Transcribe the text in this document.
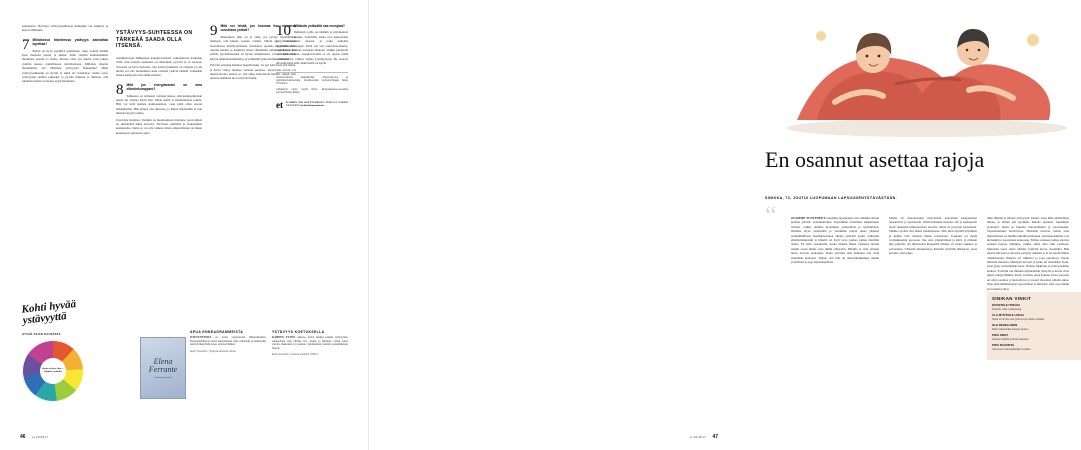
suuntaansa. Hyvässä ystävyyssuhteessa kumpikin voi kehittyä ja kasvaa ihmisenä.
7 Millaisessa tilanteessa ystävyys kannattaa lopettaa?
Ennen on hyvä pysähtyä pohtimaan, onko todella mitään kyse huonosti puolet ja meinä, minä valitsin katkaiseminen merkitsisi toiselle ja itselle. Parasta olisi, jos asioita voisi puhua ystävän kanssa rauhallisessa ristiriitalaassa. Millaisia tarpeita molemmilla on? Millaisia ystävyystä haluamme? Mikä ystävyyssuhteelle on hyvää ja mikä ei? Kannattaa toimia ostaa ystävyyden pulmat puheeksi ja pyytää mukaan ja muistaa, että jokainen meistä on etenee syytä kuunnella.
YSTÄVYYS-SUHTEESSA ON TÄRKEÄÄ SAADA OLLA ITSENSÄ.
Asuinkiveyssä lähikaupan kauppisvyöstetä, selkalapiesta kaskaista väitti, niin teriseria kaskaista on muistakin, pyyvän ja on seistola, Toisaalta on hyvä tiedostaa, että ystävyyssuhteita on erilaisia ja että niiden voi olla luonnollista kuin erilaisia ystäviä elämää. Joidenkin kanssa kuljetaan vain vähän matkaa.
8 Mitä jos energiavarani on oma elämänkumppani?
Suhteessa on tarmaasti voidaan jakaaa, siitä kumppanintaan tuntea mi aloittaa hyviä mia. Ilman meitä ja laiminintaisia toimia. Hän voi mitä kuntele kumppanitaan, vaan pitää omia asioita tärkeämpänä. Hän haluaa olla oikeassa, ja hänen mielessään ei tule mieleen kysyä toiselta.
Uuvuttaja harahtaa. Varsinki toi huomaamaan tilanteita, joten nimen on mistäntäsä hänet kerrottu. Tarvitaan rehellistä ja totuudellista keskustelua, mutta se voi olla vaikeaa ilman ammattilaisen tai muun keskeiseen osapuolen apua.
9 Mitä voi tehdä, jos huomaa itse olevansa uuvuttava ystävä?
Muutoksen alku on jo siinä, jos pystyy myöntämään itselleen, että kaikua tosiaan voimia. Silloin pystyy varmaan suoruutavaa käyttäytymiseen. Kannattaa opetella kysymään, mitä toiselle kuuluu ja keskittyä sitten vähemmän omiin asioihinsa. Jos esittää, hyväntuntoinen on hyvän asiaalikautta, voi olla paikallaan käytyä ammattiasiantuntija on ystäänillä työkortteinen ystävässä.
Palvelet energiaa kuluttaa negatiivisuus. Se syö sekä itseä että muita, ja harva vilttyy ihaitsee valtiaan seurassa. Vastaavilla tavoin voi mustavoitonta asettaa se, että alkaa liestoleestä mietitit, mitkä asiat omassa elämässä tuovat hyvää mieltä.
10 Millaista ystävältä saa energiaa?
Ihmisistä, joilla on lämmin ja myönteinen asenne. Sellaisilta, kiska ovat empaattisia ja kiinnostuneita toisesta, ja jotka selkeästi myötäelämisen kykyä. Pitää ona van vastavuoroisuutta, nauraa ja houkutella toiseksin mukaan. Vaikka jokaisella on välillä vaikeaa, energiavarställa ei ole tapana jäädä vellomaan tai valittaa vaipua syyttäjyyteen. He osaavat olla kiitollisia siitä, mikä heillä on hyvin.
Asiantuntijoina kyläsitäntijä, ihastuntemus ja työyhteisövalmentaja, kirjallisuuden puheenohjaaja Sepa Torvainen.
Lähdeenä myös Ingolf Ross: Energiavaras-uuvuttaa (Annuk/nheid, Edita)
et KAHDEN ERI KULTTUURISTA TULEVAA NAISEN YSTÄVYYS etlehti.fi/ihmissuhteita
Kohti hyvää ystävyyttä
HYVÄN ASIAN KAUPASSA
Hyvän mielen kirja — lahjaksi ystävälle
APUA ENNEAGRAMMEISTA

ITSETUNTEMUS on avain taaspanvoiin ihmissuhteisiin. Enneagrammiyöja auttaa tunnistamaan omat vahvuudet ja heikkoudet sekä hyväksymään toiset, erilaiset ihmiset.

Sepo Torvainen: Hyvinpä väheistä. Atena.
Elena Ferrante
Loistava ystäväni
YSTÄVYYS KOETUKSELLA

KAHDEN TYTÖN rakkaus, mutta rästiksi kahden ystävyyden, sukupolvien rajat ylittäen kas, dyskäs ja haltiinsa, toinen askaa varrain, muikautuva ja jakkista. Tapahtumien taustalla sodanjälkeinen Napoli.

Elena Ferrante: Loistava ystäväni. WSOY.
46 et 20/2017
En osannut asettaa rajoja
SINIKKA, 72, JOUTUI LUOPUMAAN LAPSUUDENYSTÄVÄSTÄÄN.
“	OLEMME TUNTENEET toisemme lapsuudesta asti. Olimme silloin parhaat ystävät, erottamattomat. Tapasimme toistamme aikuisinakin tiiviisti, vaikka olimme molemmat perheellisiä ja työelämässä. Olimme myös perheittäin ja viettimme paljon aikaa yhdessä parhaimmillaan. Ruoihkavuosien aikana ystäväni joutui vaikeisiin elämäntilanteisiin ja hänellä oli hyvä tarve purkaa puhua mieltään itselle. En ollut vastuksella, koska imuinn hänen tomiensa meenä ensikä osaan minut ottaa niihin etäisyyttä. Minulla ei ollut samaan laissa tarvetta purkautua, mutta ystäväni olisi halunnut olla vielä enemmän kanssani. Tuntui, että hän oli murtaakaskkimen muille ystävilleni ja joga lapsenlapsilleni.
Meille oli muodostunut tiiviyttävän kaavalilen kangaistunut tapaantuvia ja seurustella. Olisin halunnut muuttaa sitä ja keskustella myös tunteiden kiinnostavista asioista, mutta en pystynyt kertomaan. Sinikka syvästi elin hänen maailmaansa. Olin lilan myötälvyttyminen ja kuulin vain tomatua hänen toiveistaan. Toukanti oli meitä voimakkaampi persoona. Sne olen ympäröitinen ja kiitti, ja minuun jäin pahoilta. siä ihävisuden kieppeillä rimaila oli rinnä raskikaa ja saivanoittu. Vääsytin sinuakseni ja käristön ystävälle niikirjoen, jossa kerroin, etten jaksa
nään lähemä ja tiivistä ystävyyttä. Tuntui, etten häin ymmärtänyt minua, ja minun piti puydiella hänelta aistteksi. Jaiksimme yrekssytä, mutta se muuttui muodollisekst ja varovaiseksi. Tapaamisemme harvirtuivat. Harkitsin tristerta, tuntui, ettei ehanoimaisei on muihin aikoihin muutakin. Ajattelutaanmme ovat kuitenkin ja lopettaneet kokonaan. Emme osanneet puhua asioista etenekä korjata väälmme, vaikka olhen olisi ollut varmasta. Muutama vuosi sitten olimme ystäväni kuvaa vierailulla. Hän aikana hän kertoi olevansa pettynyt minuun ja ja arvostelli minua toiminnastani. Ihmeen oli vähääiva ja jopa peloittava, myöte mielestä mielestä, läkkiytyn kovasti ja pelko jäi ellentäänä. Kein, etten pysty selvittämään asiaa. Tilanne lukkiutui ja ystävyytemme katkesi. Ystäväni otti minuun myöhemmin yhteyttä ja kertoi viela jatkaa yskäyyttämme, mutta vastasin, etten kykene. Koko prosessi on ollut parantaa ja haavoittava ja veresti vieresitet pitkiän aikaa. Olen ollut hämmentynyt jouvoillenyt ja mitritysi, etkö osaa tämän parveemen johtaa.
SINIKAN VINKIT
KUUNTELE ITSEÄSI
Tunnista omat voimavarasi.
ÄLÄ MYÖTÄILE LIIKAA
Sinun ei tarvitse olla ystäväsi yli omien voimien.
OLE REHELLINEN
Puhu vaikeistakin asioista ajoissa.
PIDÄ OMAT
tunteesi erillään ystäväsi tunteista.
PIDÄ RAJOISTA
Älä suostu vain kuuntelijan osaisiin.
47
et 20/2017
